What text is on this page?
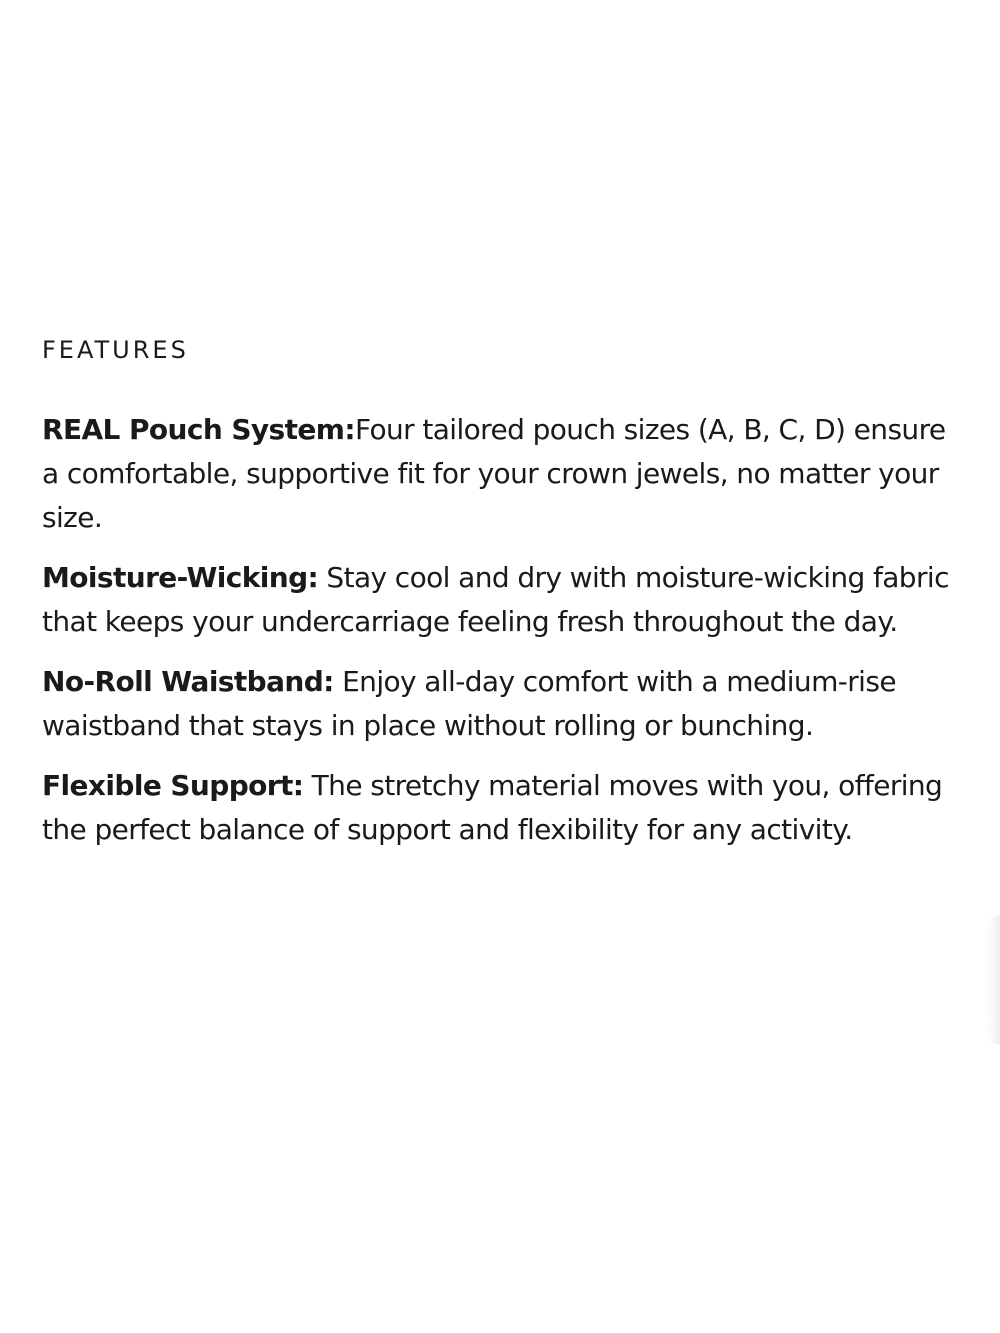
FEATURES

REAL Pouch System:Four tailored pouch sizes (A, B, C, D) ensure a comfortable, supportive fit for your crown jewels, no matter your size.

Moisture-Wicking: Stay cool and dry with moisture-wicking fabric that keeps your undercarriage feeling fresh throughout the day.

No-Roll Waistband: Enjoy all-day comfort with a medium-rise waistband that stays in place without rolling or bunching.

Flexible Support: The stretchy material moves with you, offering the perfect balance of support and flexibility for any activity.
